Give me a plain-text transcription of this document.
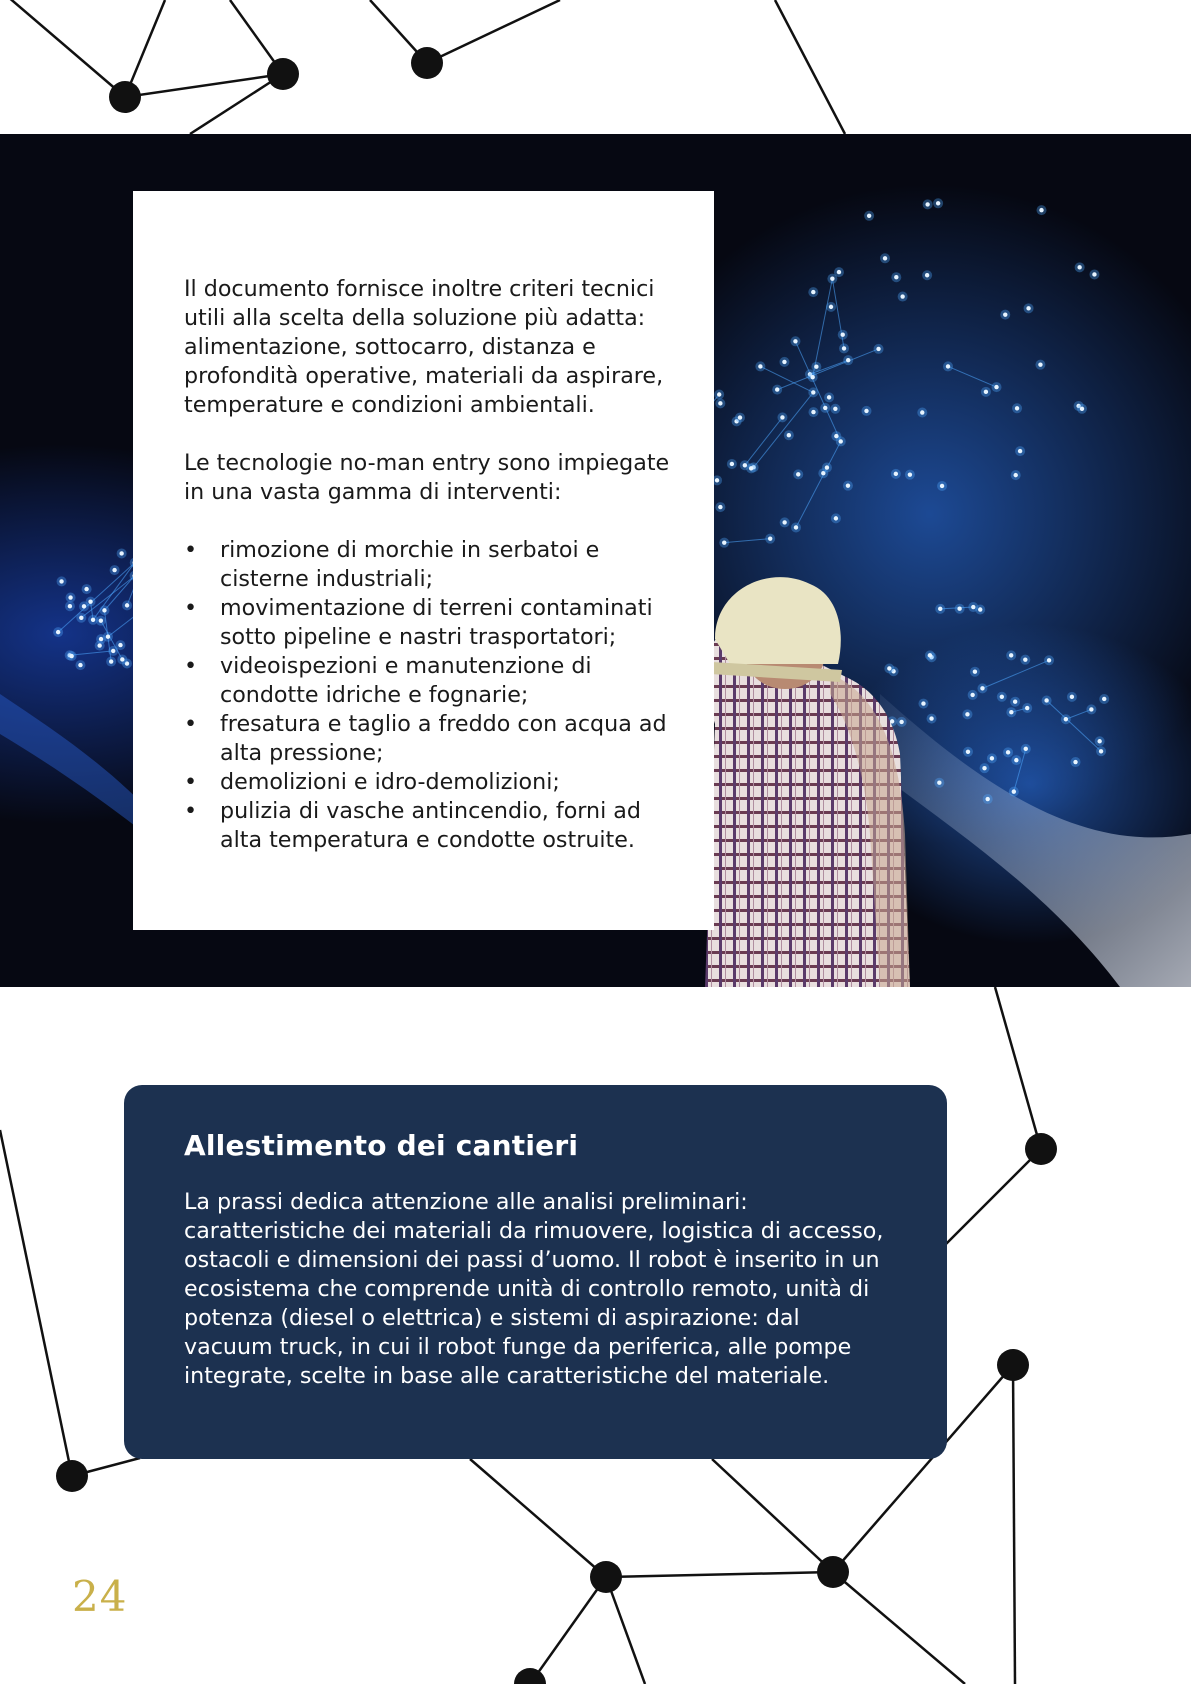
Il documento fornisce inoltre criteri tecnici utili alla scelta della soluzione più adatta: alimentazione, sottocarro, distanza e profondità operative, materiali da aspirare, temperature e condizioni ambientali.

Le tecnologie no-man entry sono impiegate in una vasta gamma di interventi:

•	rimozione di morchie in serbatoi e cisterne industriali;
•	movimentazione di terreni contaminati sotto pipeline e nastri trasportatori;
•	videoispezioni e manutenzione di condotte idriche e fognarie;
•	fresatura e taglio a freddo con acqua ad alta pressione;
•	demolizioni e idro-demolizioni;
•	pulizia di vasche antincendio, forni ad alta temperatura e condotte ostruite.
Allestimento dei cantieri

La prassi dedica attenzione alle analisi preliminari: caratteristiche dei materiali da rimuovere, logistica di accesso, ostacoli e dimensioni dei passi d’uomo. Il robot è inserito in un ecosistema che comprende unità di controllo remoto, unità di potenza (diesel o elettrica) e sistemi di aspirazione: dal vacuum truck, in cui il robot funge da periferica, alle pompe integrate, scelte in base alle caratteristiche del materiale.

24
